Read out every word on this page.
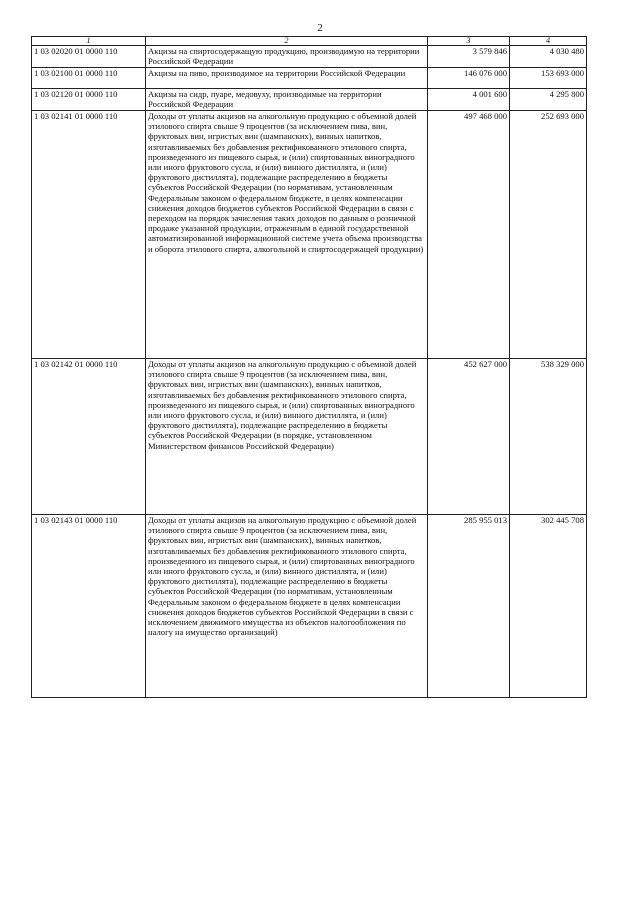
2
1	2	3	4
1 03 02020 01 0000 110	Акцизы на спиртосодержащую продукцию, производимую на территории Российской Федерации	3 579 846	4 030 480
1 03 02100 01 0000 110	Акцизы на пиво, производимое на территории Российской Федерации	146 076 000	153 693 000
1 03 02120 01 0000 110	Акцизы на сидр, пуаре, медовуху, производимые на территории Российской Федерации	4 001 600	4 295 800
1 03 02141 01 0000 110	Доходы от уплаты акцизов на алкогольную продукцию с объемной долей этилового спирта свыше 9 процентов (за исключением пива, вин, фруктовых вин, игристых вин (шампанских), винных напитков, изготавливаемых без добавления ректификованного этилового спирта, произведенного из пищевого сырья, и (или) спиртованных виноградного или иного фруктового сусла, и (или) винного дистиллята, и (или) фруктового дистиллята), подлежащие распределению в бюджеты субъектов Российской Федерации (по нормативам, установленным Федеральным законом о федеральном бюджете, в целях компенсации снижения доходов бюджетов субъектов Российской Федерации в связи с переходом на порядок зачисления таких доходов по данным о розничной продаже указанной продукции, отраженным в единой государственной автоматизированной информационной системе учета объема производства и оборота этилового спирта, алкогольной и спиртосодержащей продукции)	497 468 000	252 693 000
1 03 02142 01 0000 110	Доходы от уплаты акцизов на алкогольную продукцию с объемной долей этилового спирта свыше 9 процентов (за исключением пива, вин, фруктовых вин, игристых вин (шампанских), винных напитков, изготавливаемых без добавления ректификованного этилового спирта, произведенного из пищевого сырья, и (или) спиртованных виноградного или иного фруктового сусла, и (или) винного дистиллята, и (или) фруктового дистиллята), подлежащие распределению в бюджеты субъектов Российской Федерации (в порядке, установленном Министерством финансов Российской Федерации)	452 627 000	538 329 000
1 03 02143 01 0000 110	Доходы от уплаты акцизов на алкогольную продукцию с объемной долей этилового спирта свыше 9 процентов (за исключением пива, вин, фруктовых вин, игристых вин (шампанских), винных напитков, изготавливаемых без добавления ректификованного этилового спирта, произведенного из пищевого сырья, и (или) спиртованных виноградного или иного фруктового сусла, и (или) винного дистиллята, и (или) фруктового дистиллята), подлежащие распределению в бюджеты субъектов Российской Федерации (по нормативам, установленным Федеральным законом о федеральном бюджете в целях компенсации снижения доходов бюджетов субъектов Российской Федерации в связи с исключением движимого имущества из объектов налогообложения по налогу на имущество организаций)	285 955 013	302 445 708
